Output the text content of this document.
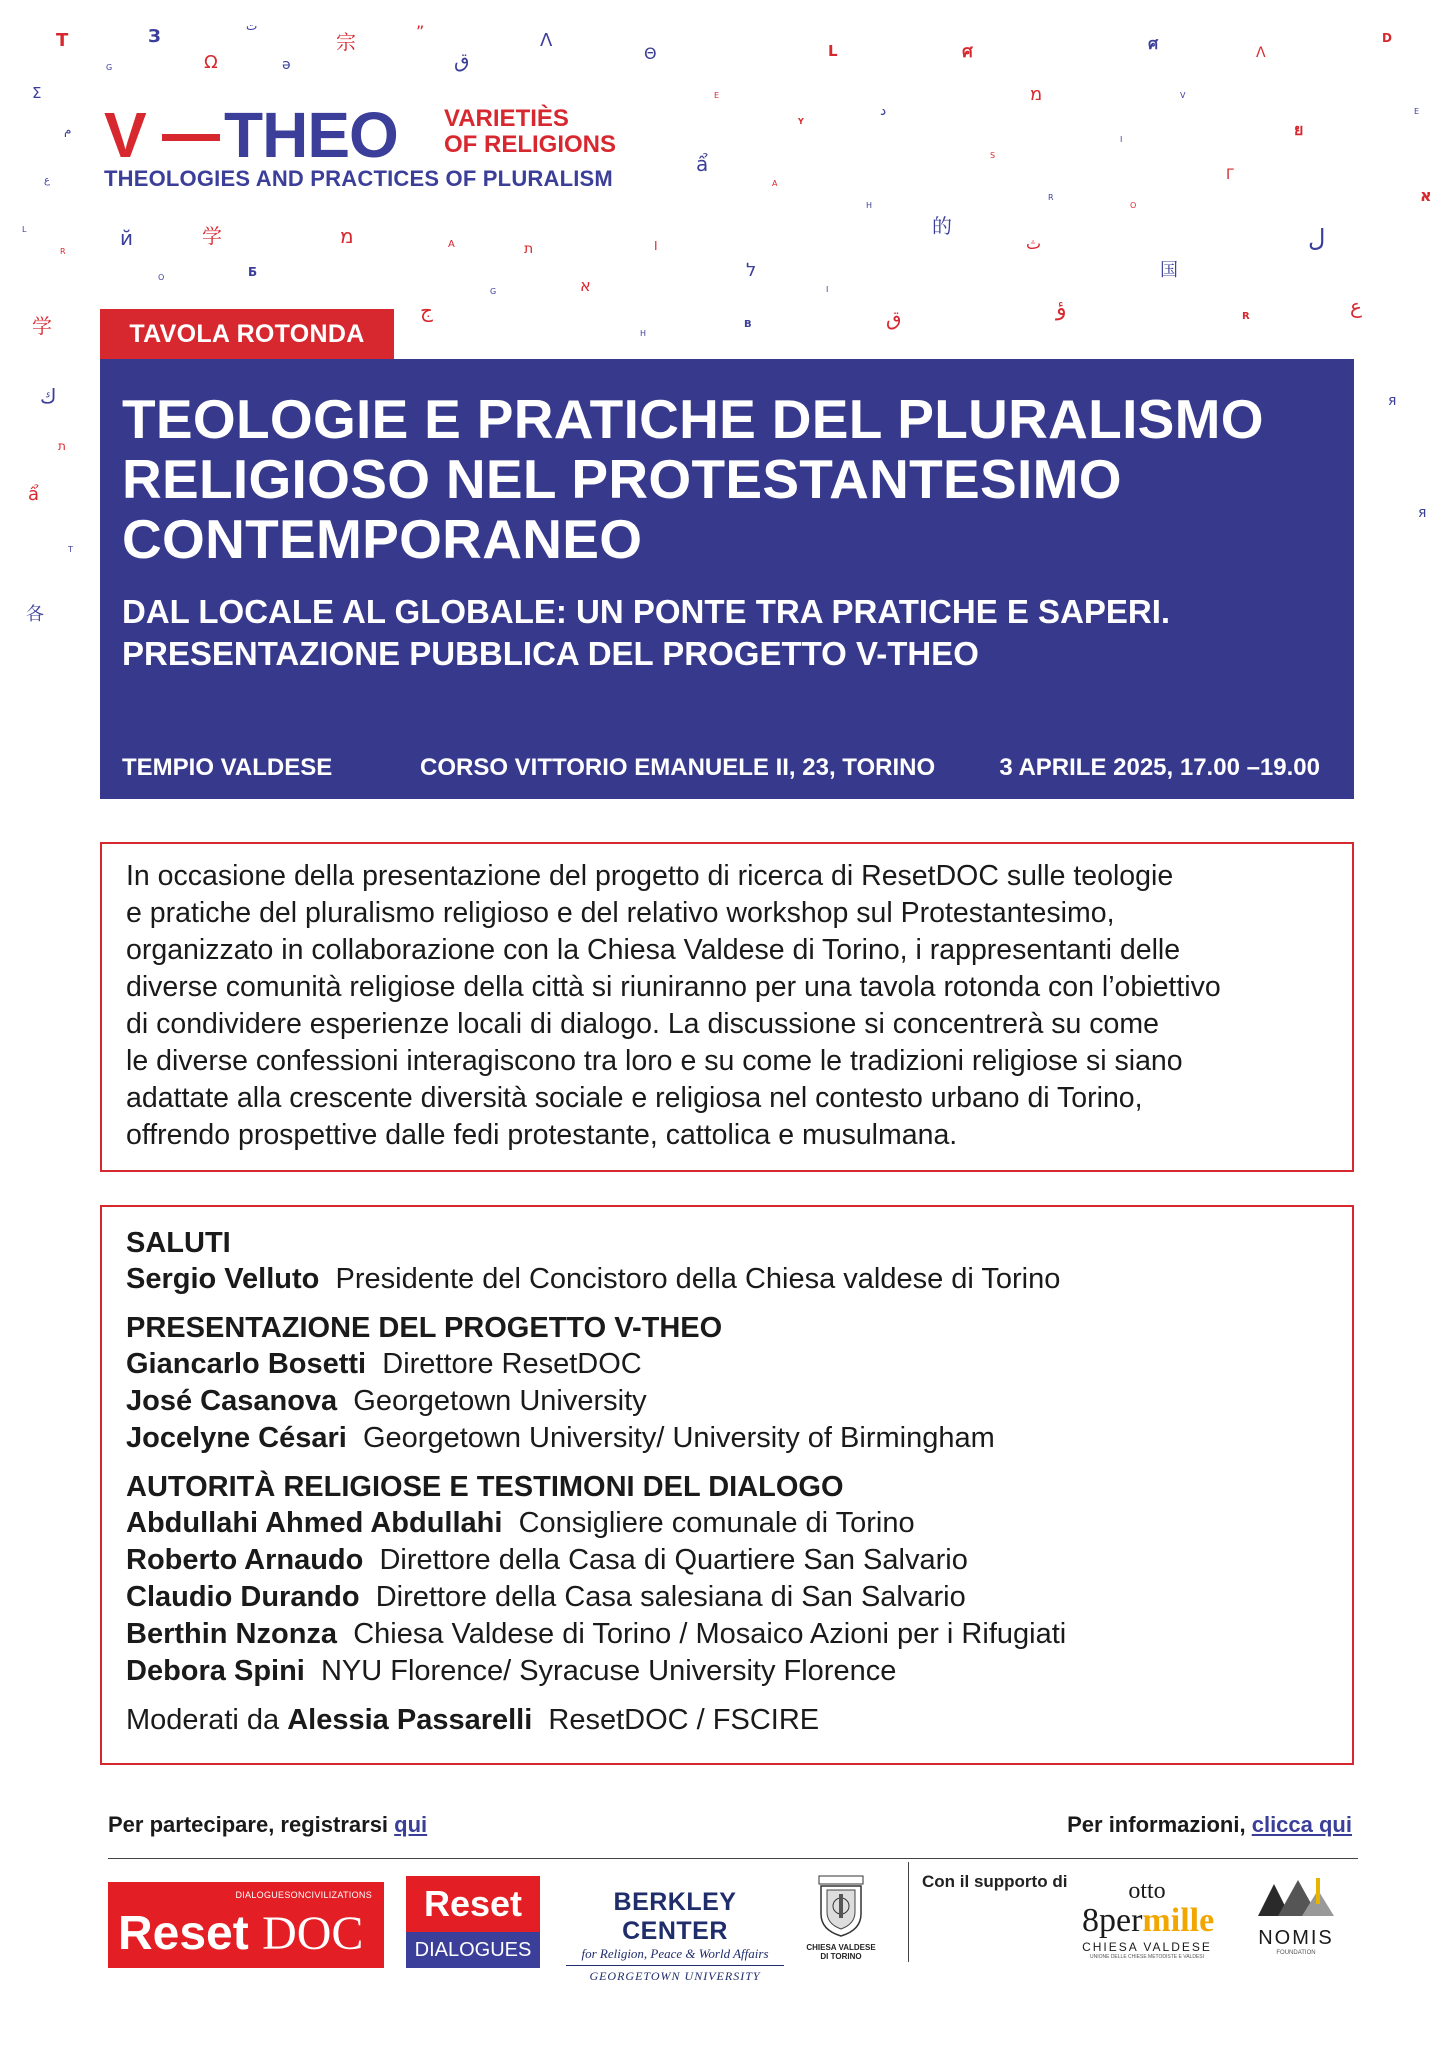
T	З
Ω
ت
ə
宗	”
ق
Λ
Θ	L	ศ	ศ	Λ
D
G
Σ	E
د
מ	V
E
Y
م	ย
I
S
ẩ
ع	A
Γ
א
R
O
H
的
L	й	学	מ	A	ת	I	ث	ل
R
Б
O	ל	国
א
G	I
ج	ؤ	ع
学	ق
B
R
H
ك	я
ת
ẩ
я
T
各
V THEO VARIETIÈS
OF RELIGIONS
THEOLOGIES AND PRACTICES OF PLURALISM
TAVOLA ROTONDA
TEOLOGIE E PRATICHE DEL PLURALISMO
RELIGIOSO NEL PROTESTANTESIMO
CONTEMPORANEO
DAL LOCALE AL GLOBALE: UN PONTE TRA PRATICHE E SAPERI.
PRESENTAZIONE PUBBLICA DEL PROGETTO V-THEO
TEMPIO VALDESE	CORSO VITTORIO EMANUELE II, 23, TORINO	3 APRILE 2025, 17.00 –19.00

In occasione della presentazione del progetto di ricerca di ResetDOC sulle teologie

e pratiche del pluralismo religioso e del relativo workshop sul Protestantesimo,

organizzato in collaborazione con la Chiesa Valdese di Torino, i rappresentanti delle

diverse comunità religiose della città si riuniranno per una tavola rotonda con l’obiettivo

di condividere esperienze locali di dialogo. La discussione si concentrerà su come

le diverse confessioni interagiscono tra loro e su come le tradizioni religiose si siano

adattate alla crescente diversità sociale e religiosa nel contesto urbano di Torino,

offrendo prospettive dalle fedi protestante, cattolica e musulmana.

SALUTI
Sergio Velluto Presidente del Concistoro della Chiesa valdese di Torino
PRESENTAZIONE DEL PROGETTO V-THEO
Giancarlo Bosetti Direttore ResetDOC
José Casanova Georgetown University
Jocelyne Césari Georgetown University/ University of Birmingham
AUTORITÀ RELIGIOSE E TESTIMONI DEL DIALOGO
Abdullahi Ahmed Abdullahi Consigliere comunale di Torino
Roberto Arnaudo Direttore della Casa di Quartiere San Salvario
Claudio Durando Direttore della Casa salesiana di San Salvario
Berthin Nzonza Chiesa Valdese di Torino / Mosaico Azioni per i Rifugiati
Debora Spini NYU Florence/ Syracuse University Florence
Moderati da Alessia Passarelli ResetDOC / FSCIRE
Per partecipare, registrarsi qui	Per informazioni, clicca qui
DIALOGUESONCIVILIZATIONS
Reset DOC
Reset
DIALOGUES
BERKLEY CENTER
for Religion, Peace & World Affairs
GEORGETOWN UNIVERSITY
CHIESA VALDESE
DI TORINO
Con il supporto di	otto
8permille
CHIESA VALDESE
UNIONE DELLE CHIESE METODISTE E VALDESI
NOMIS
FOUNDATION
